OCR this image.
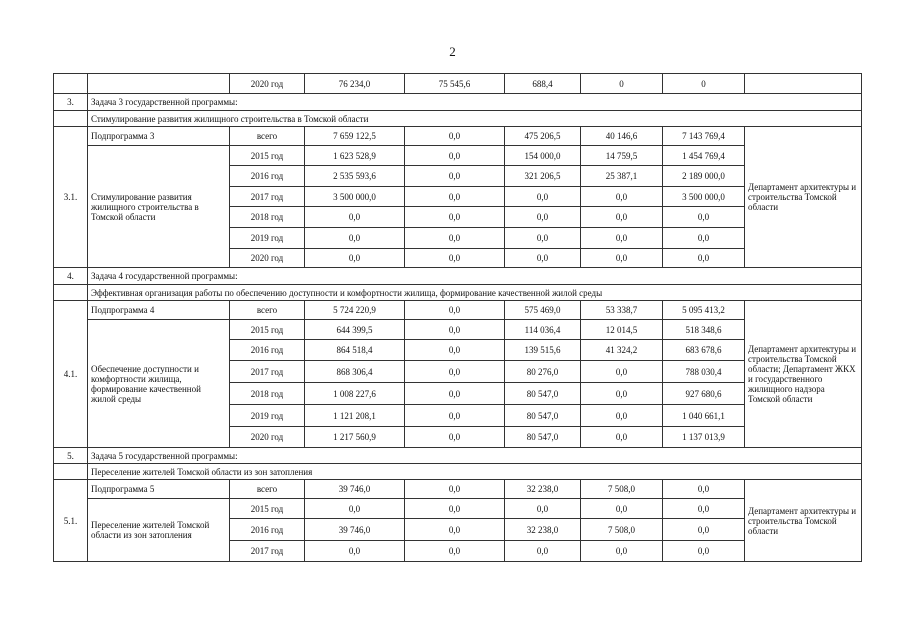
2
		2020 год	76 234,0	75 545,6	688,4	0	0	
3.	Задача 3 государственной программы:							
	Стимулирование развития жилищного строительства в Томской области							
3.1.	Подпрограмма 3	всего	7 659 122,5	0,0	475 206,5	40 146,6	7 143 769,4	Департамент архитектуры и строительства Томской области
	Стимулирование развития жилищного строительства в Томской области	2015 год	1 623 528,9	0,0	154 000,0	14 759,5	1 454 769,4	
		2016 год	2 535 593,6	0,0	321 206,5	25 387,1	2 189 000,0	
		2017 год	3 500 000,0	0,0	0,0	0,0	3 500 000,0	
		2018 год	0,0	0,0	0,0	0,0	0,0	
		2019 год	0,0	0,0	0,0	0,0	0,0	
		2020 год	0,0	0,0	0,0	0,0	0,0	
4.	Задача 4 государственной программы:							
	Эффективная организация работы по обеспечению доступности и комфортности жилища, формирование качественной жилой среды							
4.1.	Подпрограмма 4	всего	5 724 220,9	0,0	575 469,0	53 338,7	5 095 413,2	Департамент архитектуры и строительства Томской области; Департамент ЖКХ и государственного жилищного надзора Томской области
	Обеспечение доступности и комфортности жилища, формирование качественной жилой среды	2015 год	644 399,5	0,0	114 036,4	12 014,5	518 348,6	
		2016 год	864 518,4	0,0	139 515,6	41 324,2	683 678,6	
		2017 год	868 306,4	0,0	80 276,0	0,0	788 030,4	
		2018 год	1 008 227,6	0,0	80 547,0	0,0	927 680,6	
		2019 год	1 121 208,1	0,0	80 547,0	0,0	1 040 661,1	
		2020 год	1 217 560,9	0,0	80 547,0	0,0	1 137 013,9	
5.	Задача 5 государственной программы:							
	Переселение жителей Томской области из зон затопления							
5.1.	Подпрограмма 5	всего	39 746,0	0,0	32 238,0	7 508,0	0,0	Департамент архитектуры и строительства Томской области
	Переселение жителей Томской области из зон затопления	2015 год	0,0	0,0	0,0	0,0	0,0	
		2016 год	39 746,0	0,0	32 238,0	7 508,0	0,0	
		2017 год	0,0	0,0	0,0	0,0	0,0	
